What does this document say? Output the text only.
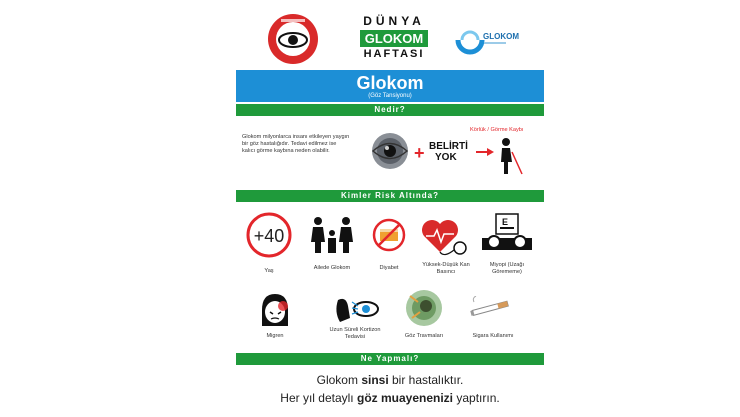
DÜNYA
GLOKOM
HAFTASI
GLOKOM
Glokom
(Göz Tansiyonu)
Nedir?
Glokom milyonlarca insanı etkileyen yaygın bir göz hastalığıdır. Tedavi edilmez ise kalıcı görme kaybına neden olabilir.	+ BELİRTİ
YOK
Körlük / Görme Kaybı
Kimler Risk Altında?
+40
Yaş	Ailede Glokom	Diyabet	Yüksek-Düşük Kan Basıncı
E
Miyopi (Uzağı Görememe)
Migren
Uzun Süreli Kortizon Tedavisi	Göz Travmaları	Sigara Kullanımı
Ne Yapmalı?
Glokom sinsi bir hastalıktır.
Her yıl detaylı göz muayenenizi yaptırın.
